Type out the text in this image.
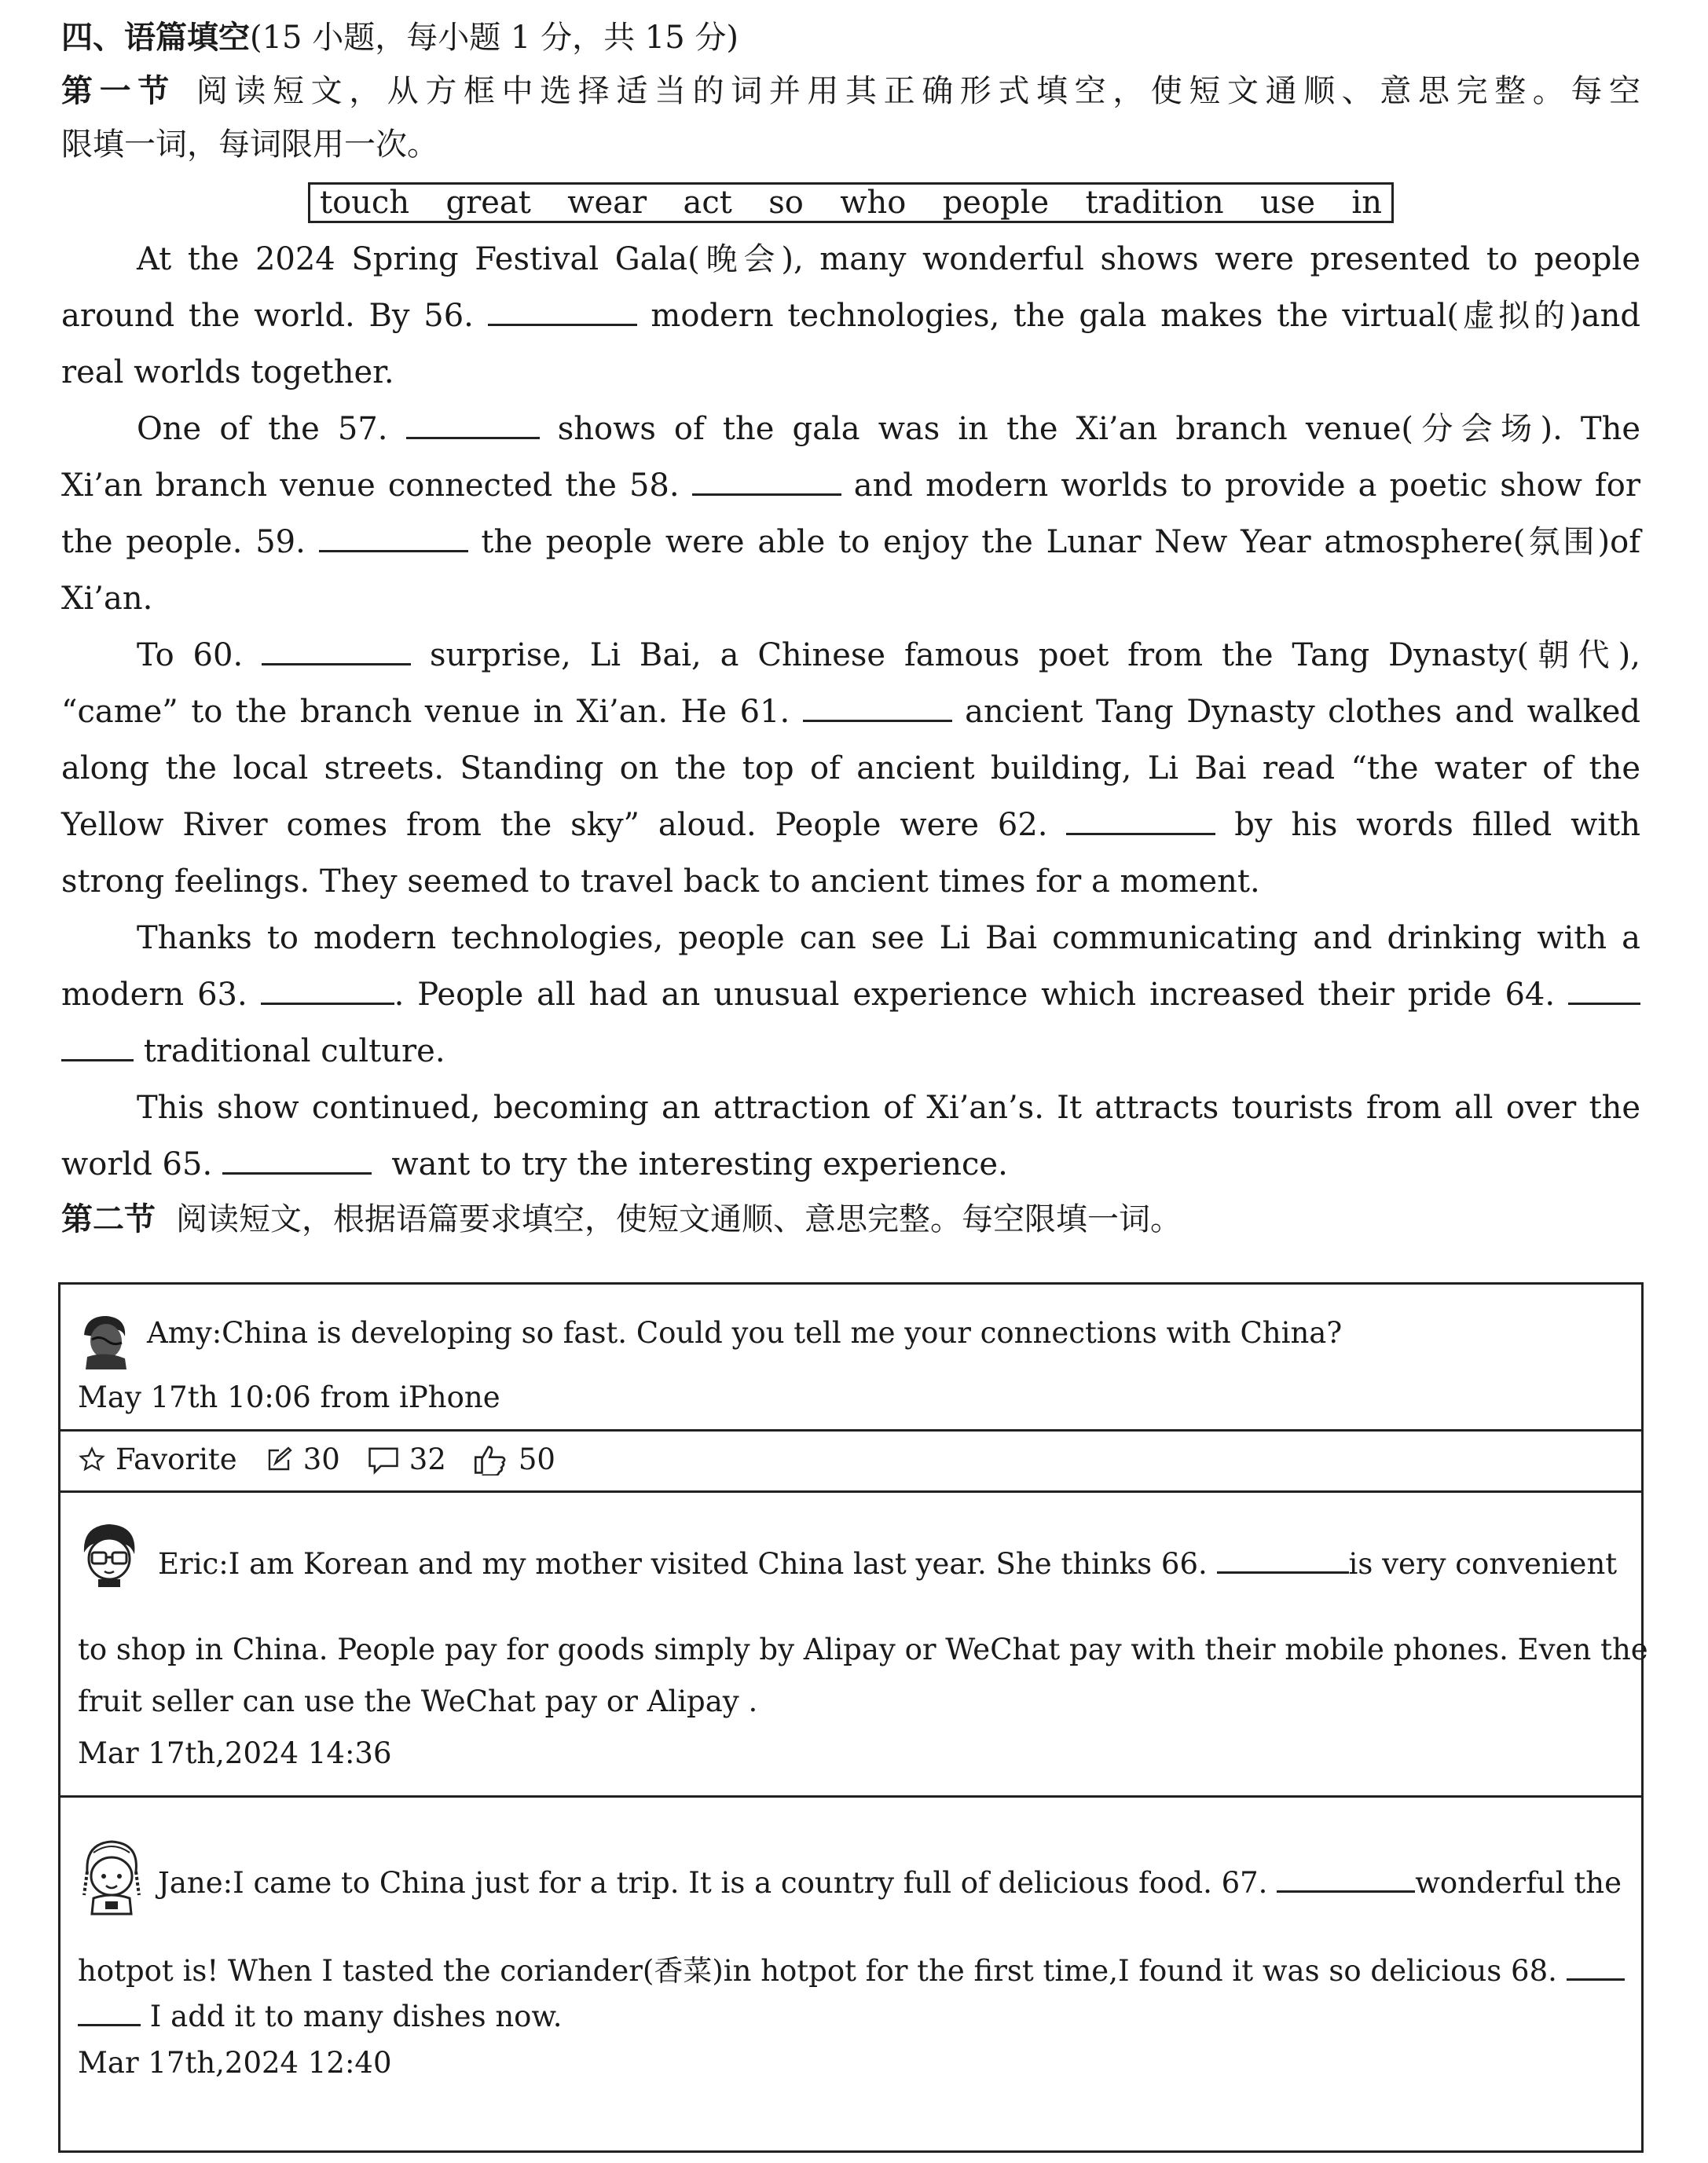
四、语篇填空(15 小题，每小题 1 分，共 15 分)
第一节 阅读短文，从方框中选择适当的词并用其正确形式填空，使短文通顺、意思完整。每空
限填一词，每词限用一次。
touch great wear act so who people tradition use in
At the 2024 Spring Festival Gala(晚会), many wonderful shows were presented to people
around the world. By 56.	modern technologies, the gala makes the virtual(虚拟的)and
real worlds together.
One of the 57.	shows of the gala was in the Xi’an branch venue(分会场). The
Xi’an branch venue connected the 58.	and modern worlds to provide a poetic show for
the people. 59.	the people were able to enjoy the Lunar New Year atmosphere(氛围)of
Xi’an.
To 60.	surprise, Li Bai, a Chinese famous poet from the Tang Dynasty(朝代),
“came” to the branch venue in Xi’an. He 61.	ancient Tang Dynasty clothes and walked
along the local streets. Standing on the top of ancient building, Li Bai read “the water of the
Yellow River comes from the sky” aloud. People were 62.	by his words filled with
strong feelings. They seemed to travel back to ancient times for a moment.
Thanks to modern technologies, people can see Li Bai communicating and drinking with a
modern 63.	. People all had an unusual experience which increased their pride 64.
traditional culture.
This show continued, becoming an attraction of Xi’an’s. It attracts tourists from all over the
world 65.	want to try the interesting experience.
第二节 阅读短文，根据语篇要求填空，使短文通顺、意思完整。每空限填一词。
Amy:China is developing so fast. Could you tell me your connections with China?
May 17th 10:06 from iPhone
Favorite 30 32 50
Eric:I am Korean and my mother visited China last year. She thinks 66.	is very convenient
to shop in China. People pay for goods simply by Alipay or WeChat pay with their mobile phones. Even the
fruit seller can use the WeChat pay or Alipay .
Mar 17th,2024 14:36
Jane:I came to China just for a trip. It is a country full of delicious food. 67.	wonderful the
hotpot is! When I tasted the coriander(香菜)in hotpot for the first time,I found it was so delicious 68.
I add it to many dishes now.
Mar 17th,2024 12:40
